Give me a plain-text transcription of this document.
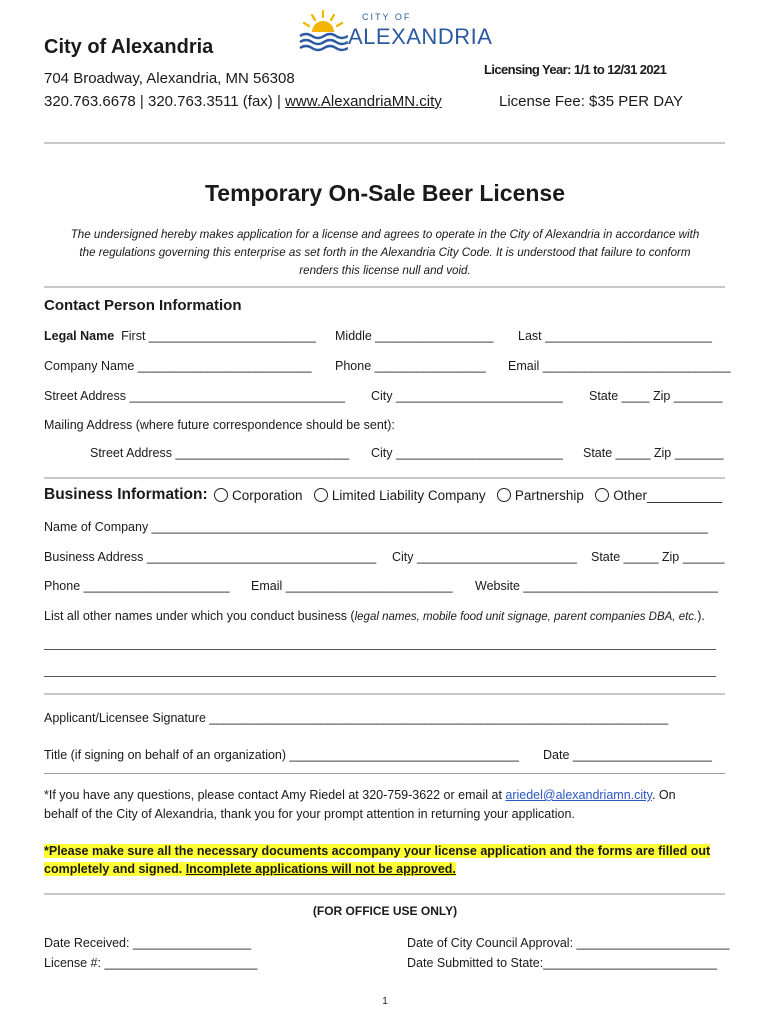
City of Alexandria
CITY OF
ALEXANDRIA
Licensing Year: 1/1 to 12/31 2021
704 Broadway, Alexandria, MN 56308
320.763.6678 | 320.763.3511 (fax) | www.AlexandriaMN.city	License Fee: $35 PER DAY
Temporary On-Sale Beer License
The undersigned hereby makes application for a license and agrees to operate in the City of Alexandria in accordance with
the regulations governing this enterprise as set forth in the Alexandria City Code. It is understood that failure to conform
renders this license null and void.
Contact Person Information
Legal Name First ________________________ Middle _________________ Last ________________________
Company Name _________________________ Phone ________________ Email ___________________________
Street Address _______________________________ City ________________________ State ____ Zip _______
Mailing Address (where future correspondence should be sent):
Street Address _________________________ City ________________________ State _____ Zip _______
Business Information:	Corporation Limited Liability Company Partnership Other__________
Name of Company ________________________________________________________________________________
Business Address _________________________________ City _______________________ State _____ Zip ______
Phone _____________________ Email ________________________ Website ____________________________
List all other names under which you conduct business (legal names, mobile food unit signage, parent companies DBA, etc.).
Applicant/Licensee Signature __________________________________________________________________
Title (if signing on behalf of an organization) _________________________________ Date ____________________
*If you have any questions, please contact Amy Riedel at 320-759-3622 or email at ariedel@alexandriamn.city. On
behalf of the City of Alexandria, thank you for your prompt attention in returning your application.
*Please make sure all the necessary documents accompany your license application and the forms are filled out
completely and signed. Incomplete applications will not be approved.
(FOR OFFICE USE ONLY)
Date Received: _________________
License #: ______________________
Date of City Council Approval: ______________________
Date Submitted to State:_________________________
1
